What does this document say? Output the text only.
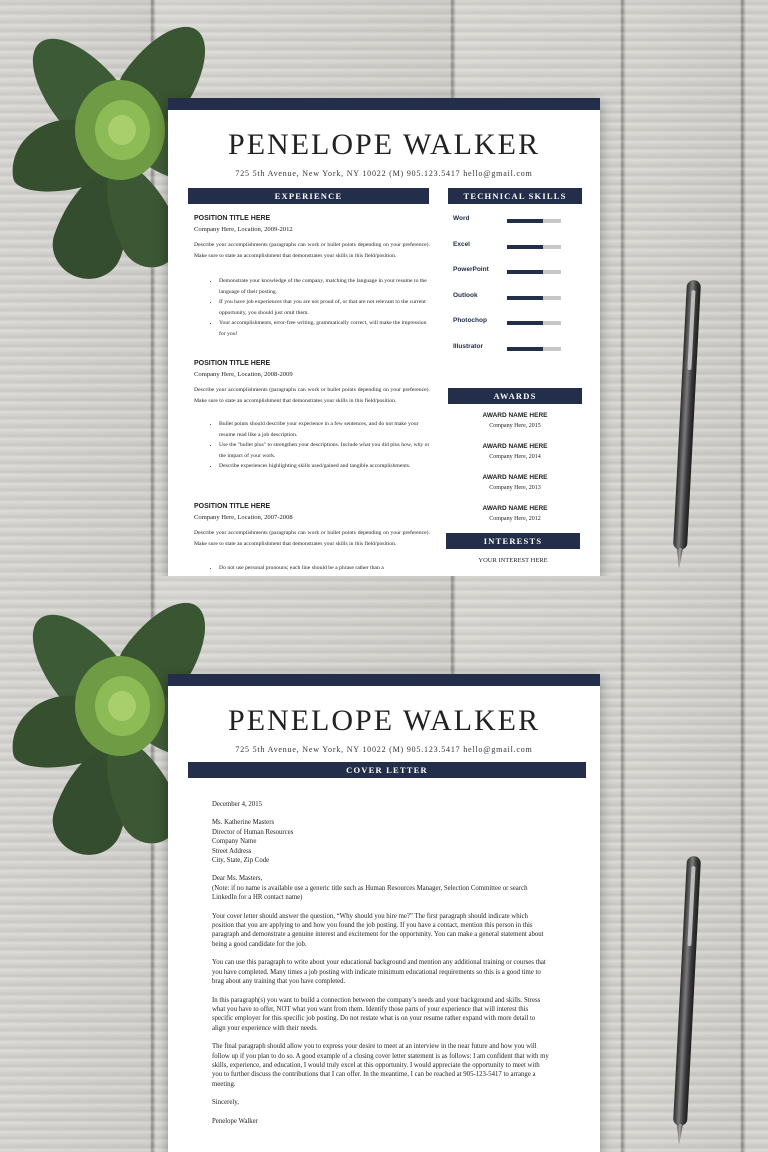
PENELOPE WALKER
725 5th Avenue, New York, NY 10022 (M) 905.123.5417 hello@gmail.com
EXPERIENCE
POSITION TITLE HERE
Company Here, Location, 2009-2012
Describe your accomplishments (paragraphs can work or bullet points depending on your preference). Make sure to state an accomplishment that demonstrates your skills in this field/position.
• Demonstrate your knowledge of the company, matching the language in your resume to the language of their posting.
• If you have job experiences that you are not proud of, or that are not relevant to the current opportunity, you should just omit them.
• Your accomplishments, error-free writing, grammatically correct, will make the impression for you!
POSITION TITLE HERE
Company Here, Location, 2008-2009
Describe your accomplishments (paragraphs can work or bullet points depending on your preference). Make sure to state an accomplishment that demonstrates your skills in this field/position.
• Bullet points should describe your experience in a few sentences, and do not make your resume read like a job description.
• Use the "bullet plus" to strengthen your descriptions. Include what you did plus how, why or the impact of your work.
• Describe experiences highlighting skills used/gained and tangible accomplishments.
POSITION TITLE HERE
Company Here, Location, 2007-2008
Describe your accomplishments (paragraphs can work or bullet points depending on your preference). Make sure to state an accomplishment that demonstrates your skills in this field/position.
• Do not use personal pronouns; each line should be a phrase rather than a
TECHNICAL SKILLS
AWARDS
AWARD NAME HERE
Company Here, 2015
AWARD NAME HERE
Company Here, 2014
AWARD NAME HERE
Company Here, 2013
AWARD NAME HERE
Company Here, 2012
INTERESTS
YOUR INTEREST HERE
Word
Excel
PowerPoint
Outlook
Photochop
Illustrator
PENELOPE WALKER
725 5th Avenue, New York, NY 10022 (M) 905.123.5417 hello@gmail.com
COVER LETTER

December 4, 2015

Ms. Katherine Masters
Director of Human Resources
Company Name
Street Address
City, State, Zip Code

Dear Ms. Masters,
(Note: if no name is available use a generic title such as Human Resources Manager, Selection Committee or search LinkedIn for a HR contact name)

Your cover letter should answer the question, “Why should you hire me?” The first paragraph should indicate which position that you are applying to and how you found the job posting. If you have a contact, mention this person in this paragraph and demonstrate a genuine interest and excitement for the opportunity. You can make a general statement about being a good candidate for the job.

You can use this paragraph to write about your educational background and mention any additional training or courses that you have completed. Many times a job posting with indicate minimum educational requirements so this is a good time to brag about any training that you have completed.

In this paragraph(s) you want to build a connection between the company’s needs and your background and skills. Stress what you have to offer, NOT what you want from them. Identify those parts of your experience that will interest this specific employer for this specific job posting. Do not restate what is on your resume rather expand with more detail to align your experience with their needs.

The final paragraph should allow you to express your desire to meet at an interview in the near future and how you will follow up if you plan to do so. A good example of a closing cover letter statement is as follows: I am confident that with my skills, experience, and education, I would truly excel at this opportunity. I would appreciate the opportunity to meet with you to further discuss the contributions that I can offer. In the meantime, I can be reached at 905-123-5417 to arrange a meeting.

Sincerely,

Penelope Walker
